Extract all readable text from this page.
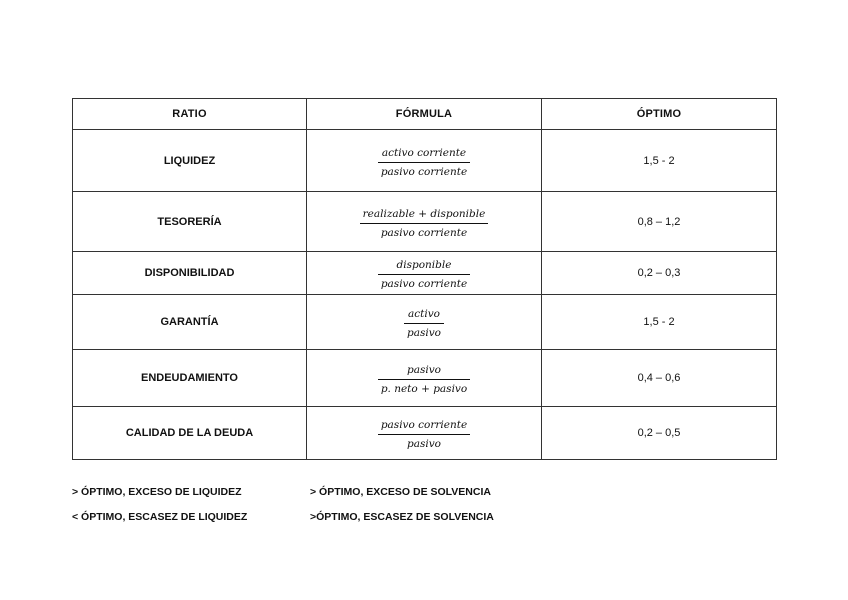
RATIO	FÓRMULA	ÓPTIMO
LIQUIDEZ	$\frac{\text{activo corriente}}{\text{pasivo corriente}}$	1,5 - 2
TESORERÍA	$\frac{\text{realizable + disponible}}{\text{pasivo corriente}}$	0,8 – 1,2
DISPONIBILIDAD	$\frac{\text{disponible}}{\text{pasivo corriente}}$	0,2 – 0,3
GARANTÍA	$\frac{\text{activo}}{\text{pasivo}}$	1,5 - 2
ENDEUDAMIENTO	$\frac{\text{pasivo}}{\text{p. neto + pasivo}}$	0,4 – 0,6
CALIDAD DE LA DEUDA	$\frac{\text{pasivo corriente}}{\text{pasivo}}$	0,2 – 0,5
> ÓPTIMO, EXCESO DE LIQUIDEZ
< ÓPTIMO, ESCASEZ DE LIQUIDEZ
> ÓPTIMO, EXCESO DE SOLVENCIA
>ÓPTIMO, ESCASEZ DE SOLVENCIA
